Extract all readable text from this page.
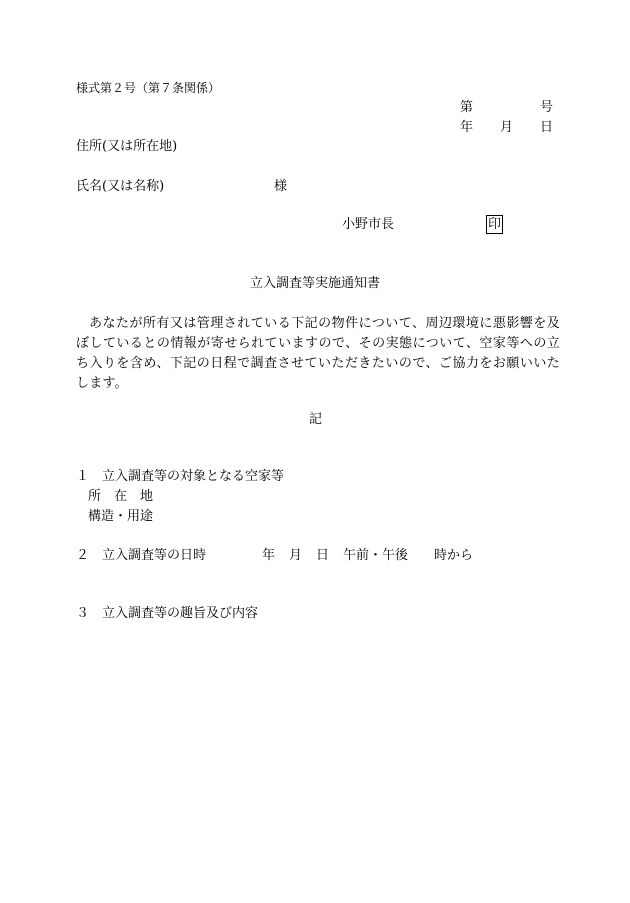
様式第２号（第７条関係）
第	号
年 月 日
住所(又は所在地)
氏名(又は名称)	様
小野市長	印
立入調査等実施通知書
あなたが所有又は管理されている下記の物件について、周辺環境に悪影響を及ぼしているとの情報が寄せられていますので、その実態について、空家等への立ち入りを含め、下記の日程で調査させていただきたいので、ご協力をお願いいたします。
記
１ 立入調査等の対象となる空家等
所　在　地
構造・用途
２ 立入調査等の日時	年 月 日 午前・午後 時から
３ 立入調査等の趣旨及び内容
